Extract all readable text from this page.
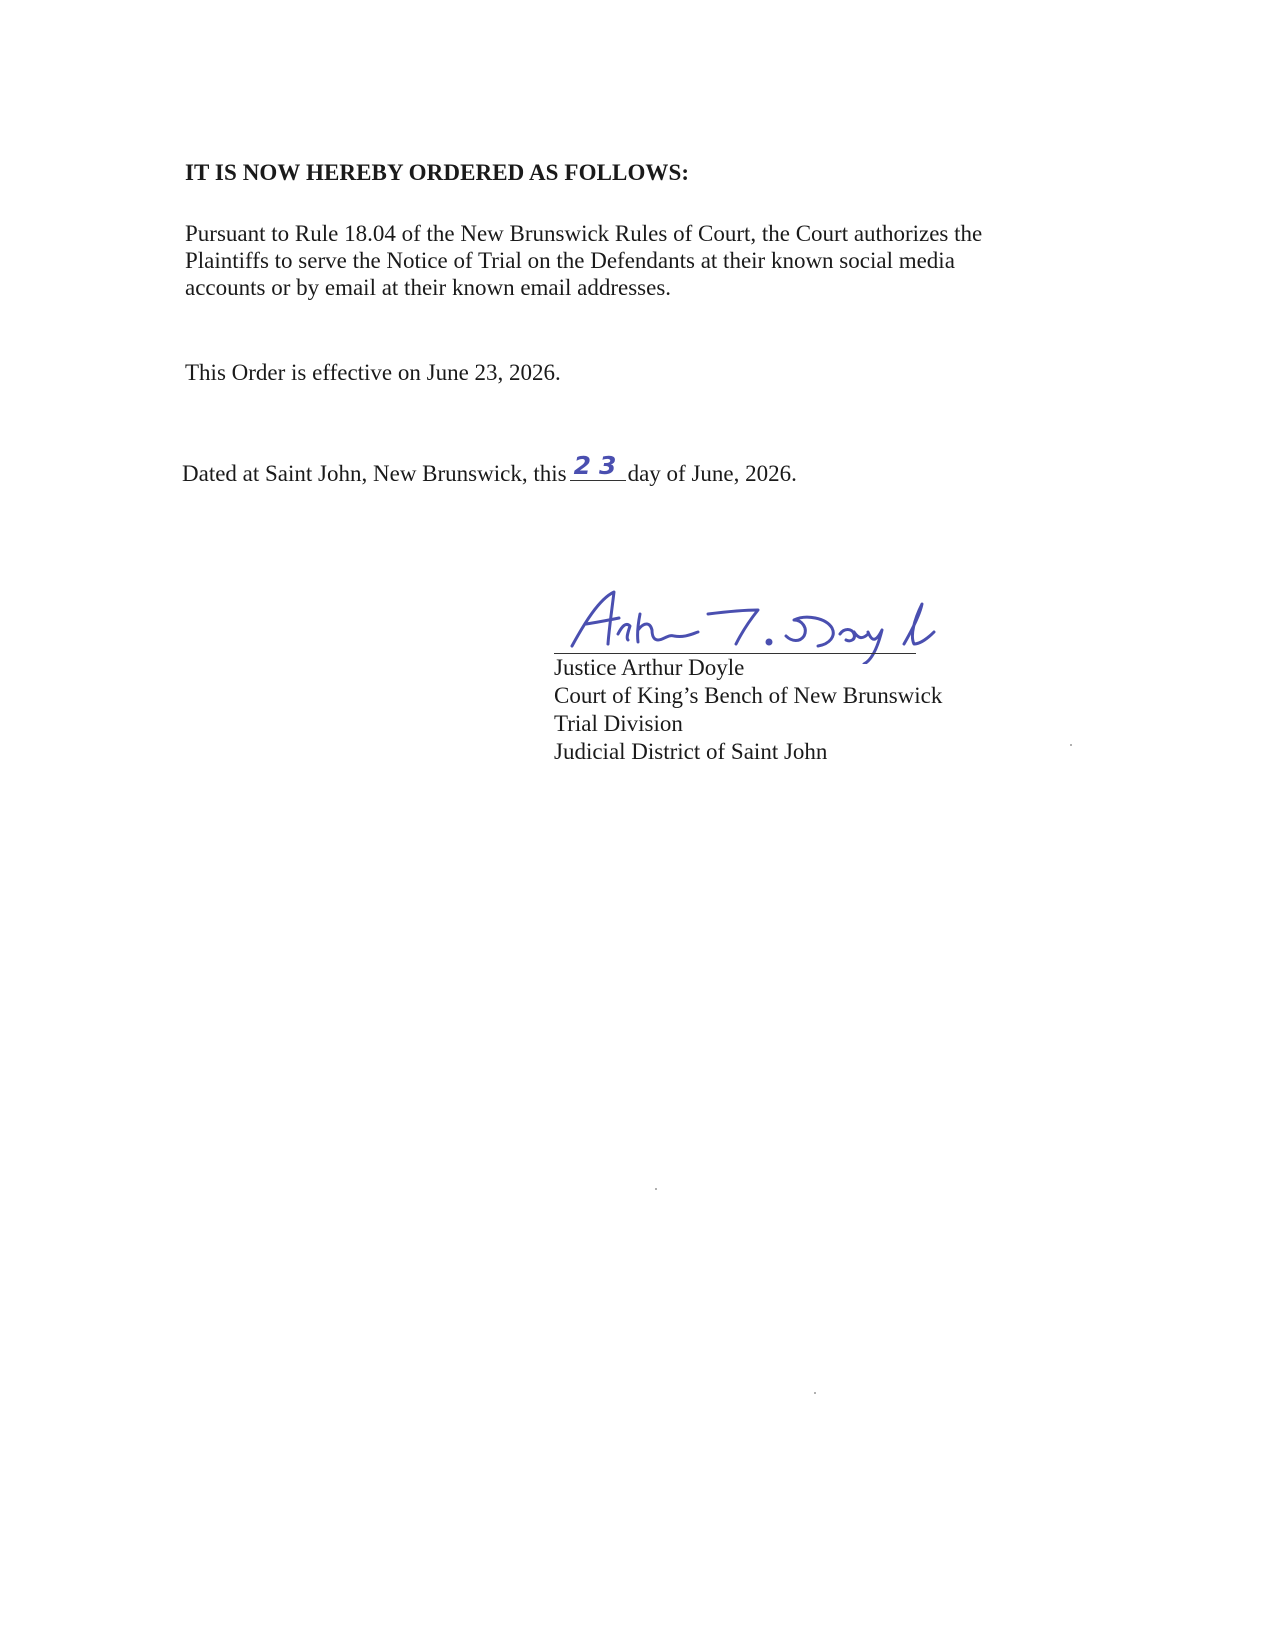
IT IS NOW HEREBY ORDERED AS FOLLOWS:

Pursuant to Rule 18.04 of the New Brunswick Rules of Court, the Court authorizes the
Plaintiffs to serve the Notice of Trial on the Defendants at their known social media
accounts or by email at their known email addresses.

This Order is effective on June 23, 2026.
Dated at Saint John, New Brunswick, this 23 day of June, 2026.
Justice Arthur Doyle
Court of King’s Bench of New Brunswick
Trial Division
Judicial District of Saint John
